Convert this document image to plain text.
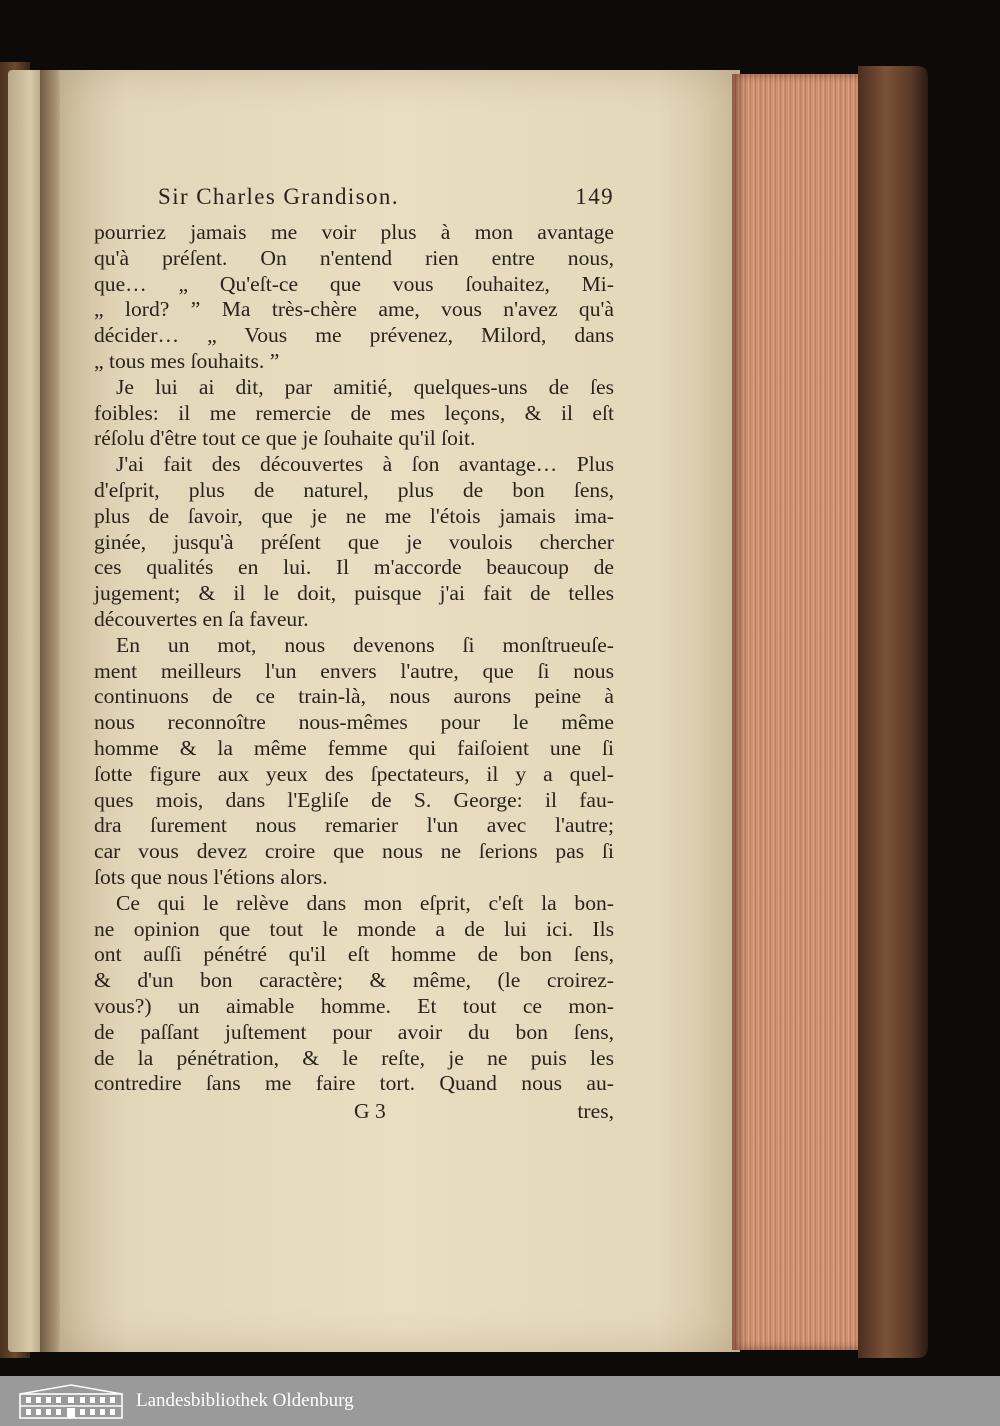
Sir Charles Grandison.	149
pourriez jamais me voir plus à mon avantage
qu'à préſent. On n'entend rien entre nous,
que… „ Qu'eſt-ce que vous ſouhaitez, Mi-
„ lord? ” Ma très-chère ame, vous n'avez qu'à
décider… „ Vous me prévenez, Milord, dans
„ tous mes ſouhaits. ”
Je lui ai dit, par amitié, quelques-uns de ſes
foibles: il me remercie de mes leçons, & il eſt
réſolu d'être tout ce que je ſouhaite qu'il ſoit.
J'ai fait des découvertes à ſon avantage… Plus
d'eſprit, plus de naturel, plus de bon ſens,
plus de ſavoir, que je ne me l'étois jamais ima-
ginée, jusqu'à préſent que je voulois chercher
ces qualités en lui. Il m'accorde beaucoup de
jugement; & il le doit, puisque j'ai fait de telles
découvertes en ſa faveur.
En un mot, nous devenons ſi monſtrueuſe-
ment meilleurs l'un envers l'autre, que ſi nous
continuons de ce train-là, nous aurons peine à
nous reconnoître nous-mêmes pour le même
homme & la même femme qui faiſoient une ſi
ſotte figure aux yeux des ſpectateurs, il y a quel-
ques mois, dans l'Egliſe de S. George: il fau-
dra ſurement nous remarier l'un avec l'autre;
car vous devez croire que nous ne ſerions pas ſi
ſots que nous l'étions alors.
Ce qui le relève dans mon eſprit, c'eſt la bon-
ne opinion que tout le monde a de lui ici. Ils
ont auſſi pénétré qu'il eſt homme de bon ſens,
& d'un bon caractère; & même, (le croirez-
vous?) un aimable homme. Et tout ce mon-
de paſſant juſtement pour avoir du bon ſens,
de la pénétration, & le reſte, je ne puis les
contredire ſans me faire tort. Quand nous au-
G 3	tres,
Landesbibliothek Oldenburg
